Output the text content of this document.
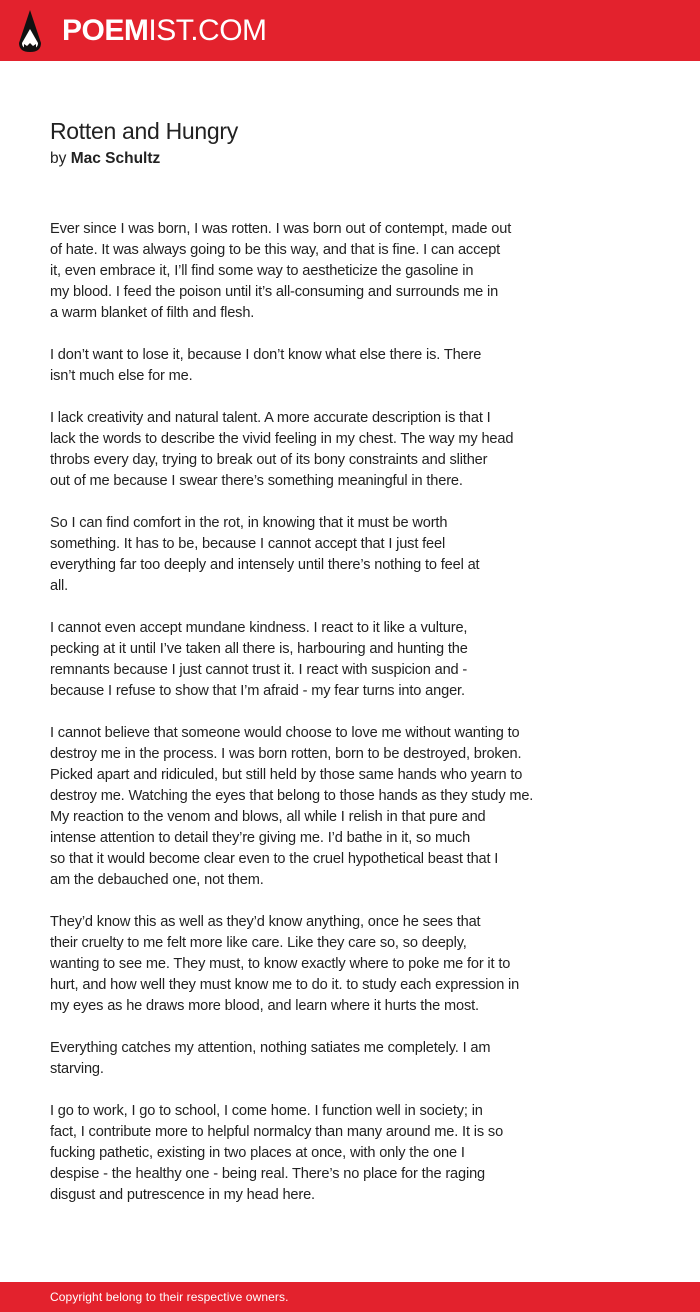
POEMIST.COM
Rotten and Hungry
by Mac Schultz
Ever since I was born, I was rotten. I was born out of contempt, made out
of hate. It was always going to be this way, and that is fine. I can accept
it, even embrace it, I’ll find some way to aestheticize the gasoline in
my blood. I feed the poison until it’s all-consuming and surrounds me in
a warm blanket of filth and flesh.
I don’t want to lose it, because I don’t know what else there is. There
isn’t much else for me.
I lack creativity and natural talent. A more accurate description is that I
lack the words to describe the vivid feeling in my chest. The way my head
throbs every day, trying to break out of its bony constraints and slither
out of me because I swear there’s something meaningful in there.
So I can find comfort in the rot, in knowing that it must be worth
something. It has to be, because I cannot accept that I just feel
everything far too deeply and intensely until there’s nothing to feel at
all.
I cannot even accept mundane kindness. I react to it like a vulture,
pecking at it until I’ve taken all there is, harbouring and hunting the
remnants because I just cannot trust it. I react with suspicion and -
because I refuse to show that I’m afraid - my fear turns into anger.
I cannot believe that someone would choose to love me without wanting to
destroy me in the process. I was born rotten, born to be destroyed, broken.
Picked apart and ridiculed, but still held by those same hands who yearn to
destroy me. Watching the eyes that belong to those hands as they study me.
My reaction to the venom and blows, all while I relish in that pure and
intense attention to detail they’re giving me. I’d bathe in it, so much
so that it would become clear even to the cruel hypothetical beast that I
am the debauched one, not them.
They’d know this as well as they’d know anything, once he sees that
their cruelty to me felt more like care. Like they care so, so deeply,
wanting to see me. They must, to know exactly where to poke me for it to
hurt, and how well they must know me to do it. to study each expression in
my eyes as he draws more blood, and learn where it hurts the most.
Everything catches my attention, nothing satiates me completely. I am
starving.
I go to work, I go to school, I come home. I function well in society; in
fact, I contribute more to helpful normalcy than many around me. It is so
fucking pathetic, existing in two places at once, with only the one I
despise - the healthy one - being real. There’s no place for the raging
disgust and putrescence in my head here.
Copyright belong to their respective owners.
